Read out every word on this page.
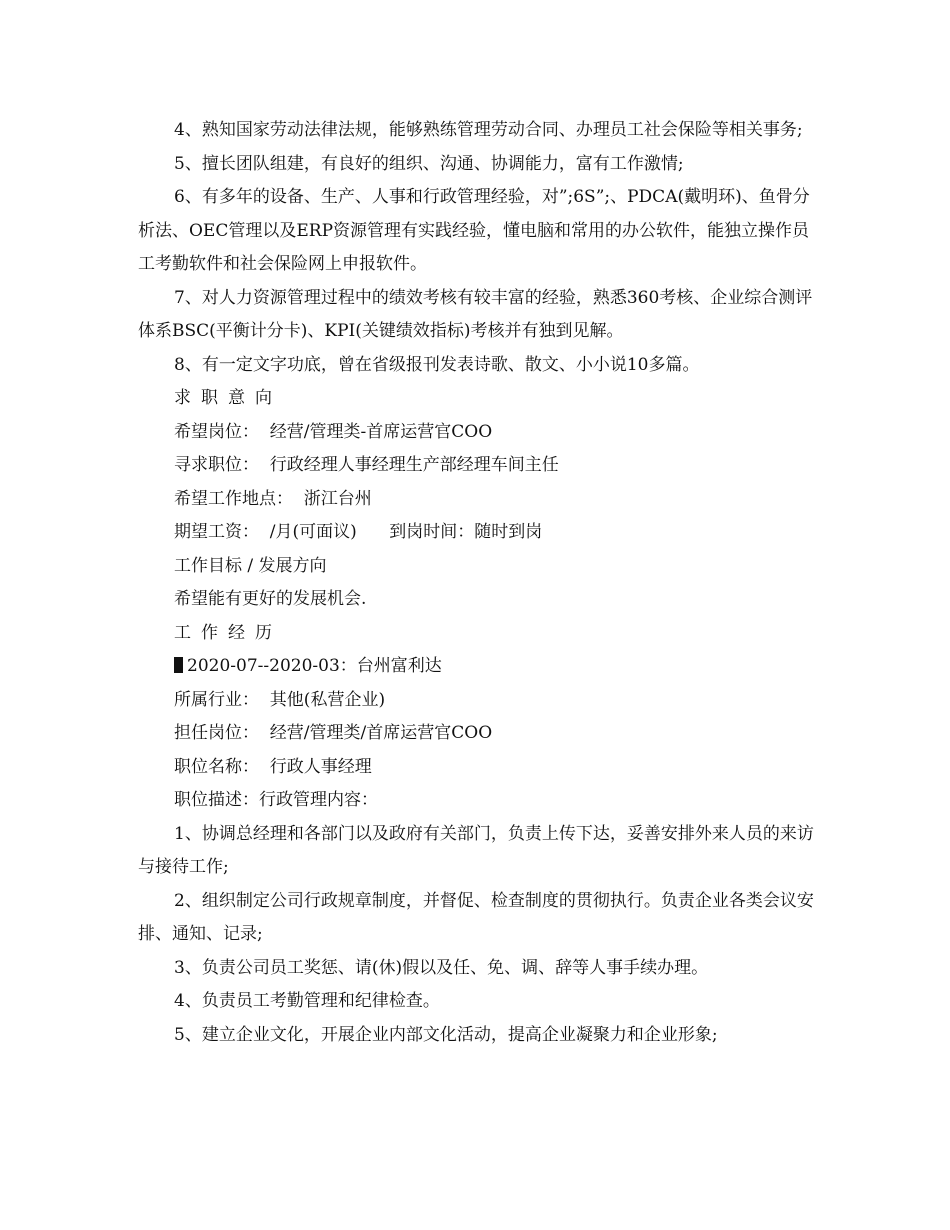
4、熟知国家劳动法律法规，能够熟练管理劳动合同、办理员工社会保险等相关事务;

5、擅长团队组建，有良好的组织、沟通、协调能力，富有工作激情;

6、有多年的设备、生产、人事和行政管理经验，对”;6S”;、PDCA(戴明环)、鱼骨分析法、OEC管理以及ERP资源管理有实践经验，懂电脑和常用的办公软件，能独立操作员工考勤软件和社会保险网上申报软件。

7、对人力资源管理过程中的绩效考核有较丰富的经验，熟悉360考核、企业综合测评体系BSC(平衡计分卡)、KPI(关键绩效指标)考核并有独到见解。

8、有一定文字功底，曾在省级报刊发表诗歌、散文、小小说10多篇。

求职意向

希望岗位：  经营/管理类-首席运营官COO

寻求职位：  行政经理人事经理生产部经理车间主任

希望工作地点：  浙江台州

期望工资：  /月(可面议)      到岗时间：随时到岗

工作目标 / 发展方向

希望能有更好的发展机会.

工作经历

2020-07--2020-03：台州富利达

所属行业：  其他(私营企业)

担任岗位：  经营/管理类/首席运营官COO

职位名称：  行政人事经理

职位描述：行政管理内容：

1、协调总经理和各部门以及政府有关部门，负责上传下达，妥善安排外来人员的来访与接待工作;

2、组织制定公司行政规章制度，并督促、检查制度的贯彻执行。负责企业各类会议安排、通知、记录;

3、负责公司员工奖惩、请(休)假以及任、免、调、辞等人事手续办理。

4、负责员工考勤管理和纪律检查。

5、建立企业文化，开展企业内部文化活动，提高企业凝聚力和企业形象;
